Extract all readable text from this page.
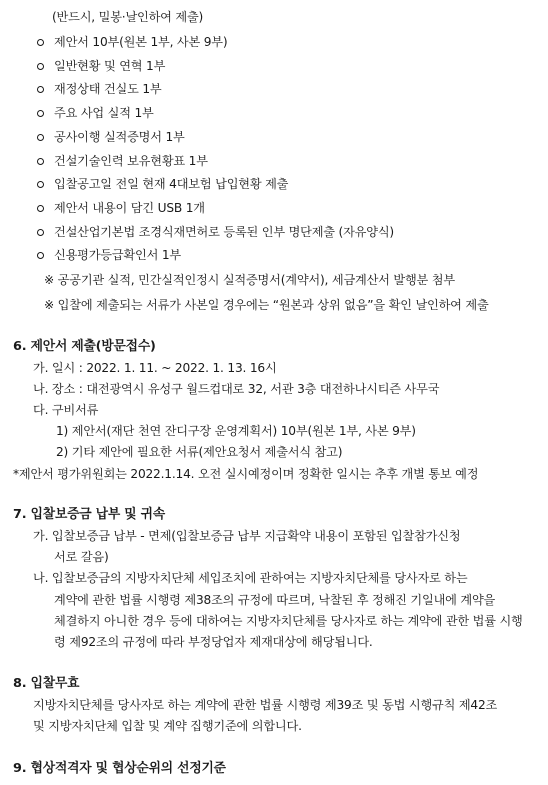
(반드시, 밀봉·날인하여 제출)
제안서 10부(원본 1부, 사본 9부)
일반현황 및 연혁 1부
재정상태 건실도 1부
주요 사업 실적 1부
공사이행 실적증명서 1부
건설기술인력 보유현황표 1부
입찰공고일 전일 현재 4대보험 납입현황 제출
제안서 내용이 담긴 USB 1개
건설산업기본법 조경식재면허로 등록된 인부 명단제출 (자유양식)
신용평가등급확인서 1부
※ 공공기관 실적, 민간실적인정시 실적증명서(계약서), 세금계산서 발행분 첨부
※ 입찰에 제출되는 서류가 사본일 경우에는 “원본과 상위 없음”을 확인 날인하여 제출
6. 제안서 제출(방문접수)
가. 일시 : 2022. 1. 11. ~ 2022. 1. 13. 16시
나. 장소 : 대전광역시 유성구 월드컵대로 32, 서관 3층 대전하나시티즌 사무국
다. 구비서류
1) 제안서(재단 천연 잔디구장 운영계획서) 10부(원본 1부, 사본 9부)
2) 기타 제안에 필요한 서류(제안요청서 제출서식 참고)
*제안서 평가위원회는 2022.1.14. 오전 실시예정이며 정확한 일시는 추후 개별 통보 예정
7. 입찰보증금 납부 및 귀속
가. 입찰보증금 납부 - 면제(입찰보증금 납부 지급확약 내용이 포함된 입찰참가신청
서로 갈음)
나. 입찰보증금의 지방자치단체 세입조치에 관하여는 지방자치단체를 당사자로 하는
계약에 관한 법률 시행령 제38조의 규정에 따르며, 낙찰된 후 정해진 기일내에 계약을
체결하지 아니한 경우 등에 대하여는 지방자치단체를 당사자로 하는 계약에 관한 법률 시행
령 제92조의 규정에 따라 부정당업자 제재대상에 해당됩니다.
8. 입찰무효
지방자치단체를 당사자로 하는 계약에 관한 법률 시행령 제39조 및 동법 시행규칙 제42조
및 지방자치단체 입찰 및 계약 집행기준에 의합니다.
9. 협상적격자 및 협상순위의 선정기준
